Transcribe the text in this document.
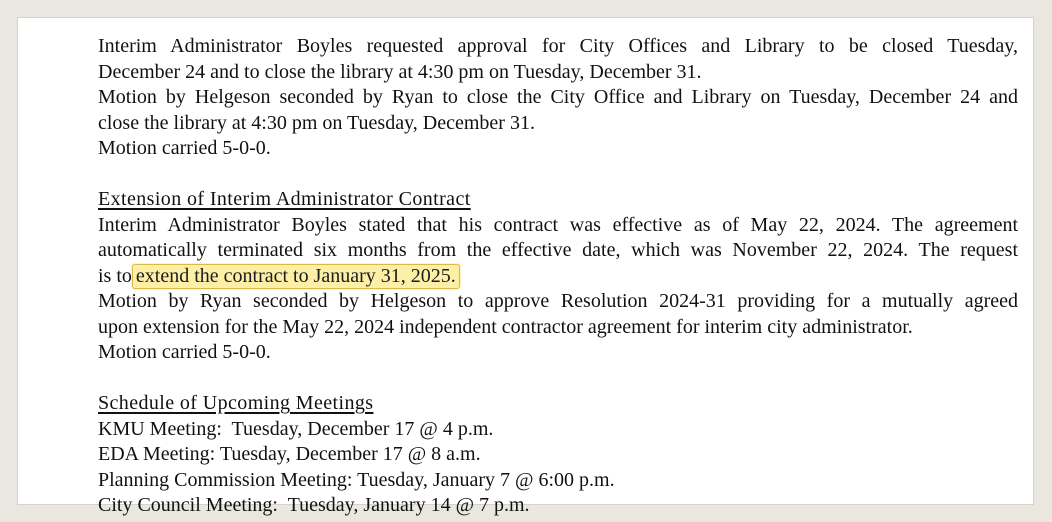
Interim Administrator Boyles requested approval for City Offices and Library to be closed Tuesday,
December 24 and to close the library at 4:30 pm on Tuesday, December 31.
Motion by Helgeson seconded by Ryan to close the City Office and Library on Tuesday, December 24 and
close the library at 4:30 pm on Tuesday, December 31.
Motion carried 5-0-0.
Extension of Interim Administrator Contract
Interim Administrator Boyles stated that his contract was effective as of May 22, 2024. The agreement
automatically terminated six months from the effective date, which was November 22, 2024. The request
is to extend the contract to January 31, 2025.
Motion by Ryan seconded by Helgeson to approve Resolution 2024-31 providing for a mutually agreed
upon extension for the May 22, 2024 independent contractor agreement for interim city administrator.
Motion carried 5-0-0.
Schedule of Upcoming Meetings
KMU Meeting:  Tuesday, December 17 @ 4 p.m.
EDA Meeting: Tuesday, December 17 @ 8 a.m.
Planning Commission Meeting: Tuesday, January 7 @ 6:00 p.m.
City Council Meeting:  Tuesday, January 14 @ 7 p.m.
